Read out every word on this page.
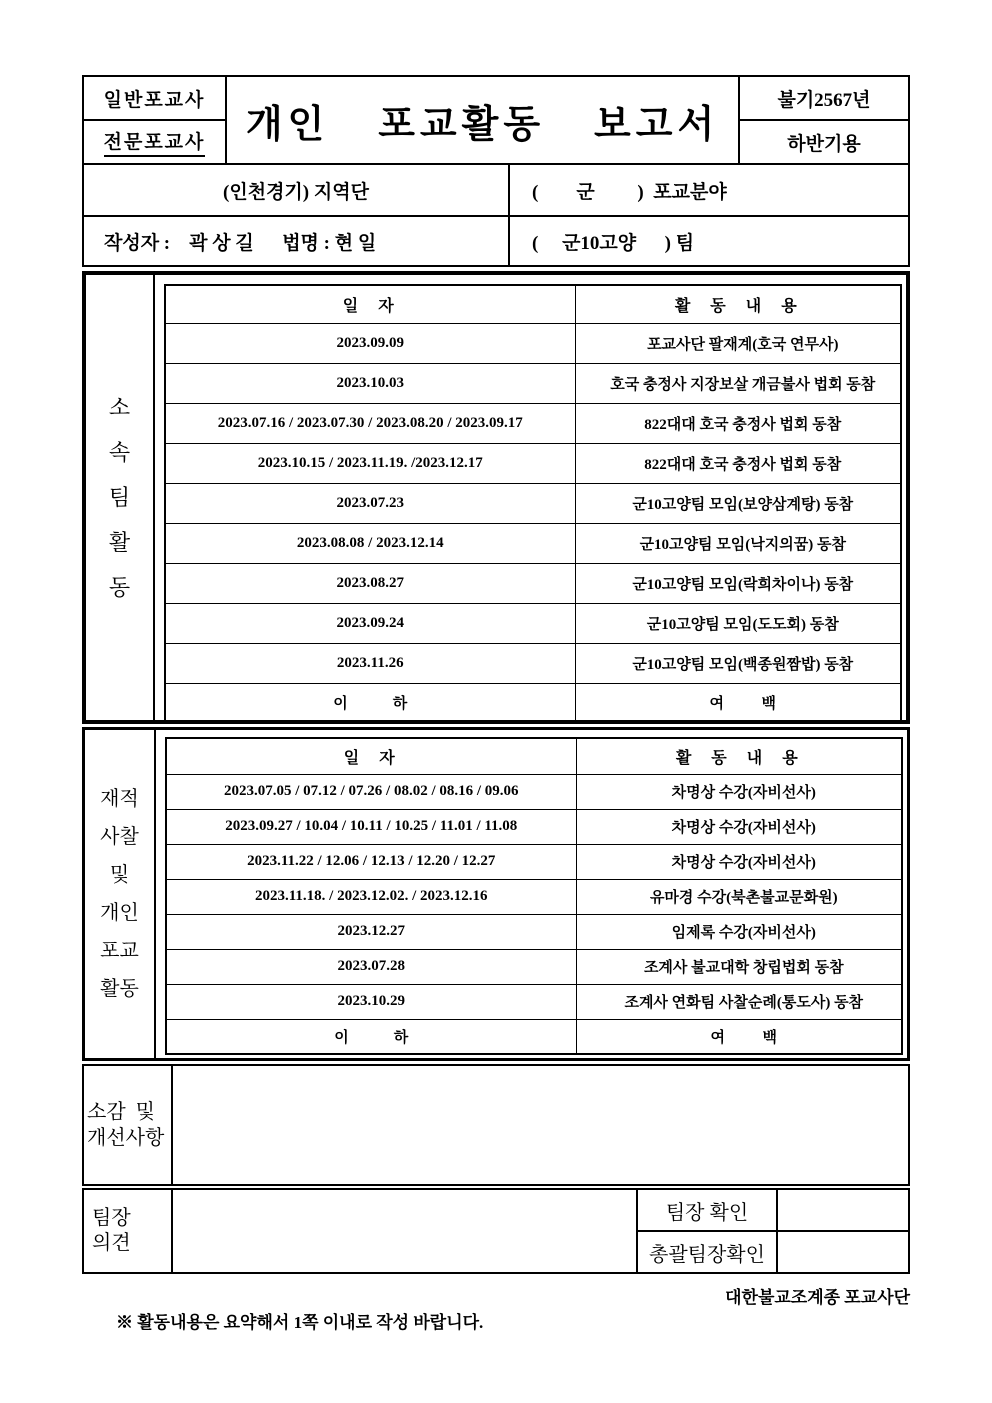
일반포교사
전문포교사	개인  포교활동  보고서
불기2567년
하반기용
(인천경기) 지역단	(        군         )  포교분야
작성자 :    곽 상 길      법명 : 현 일	(     군10고양      ) 팀
소
속
팀
활
동
일  자	활  동  내  용
2023.09.09	포교사단 팔재계(호국 연무사)
2023.10.03	호국 충정사 지장보살 개금불사 법회 동참
2023.07.16 / 2023.07.30 / 2023.08.20 / 2023.09.17	822대대 호국 충정사 법회 동참
2023.10.15 / 2023.11.19. /2023.12.17	822대대 호국 충정사 법회 동참
2023.07.23	군10고양팀 모임(보양삼계탕) 동참
2023.08.08 / 2023.12.14	군10고양팀 모임(낙지의꿈) 동참
2023.08.27	군10고양팀 모임(락희차이나) 동참
2023.09.24	군10고양팀 모임(도도회) 동참
2023.11.26	군10고양팀 모임(백종원짬밥) 동참
이            하	여          백
재적
사찰
및
개인
포교
활동
일  자	활  동  내  용
2023.07.05 / 07.12 / 07.26 / 08.02 / 08.16 / 09.06	차명상 수강(자비선사)
2023.09.27 / 10.04 / 10.11 / 10.25 / 11.01 / 11.08	차명상 수강(자비선사)
2023.11.22 / 12.06 / 12.13 / 12.20 / 12.27	차명상 수강(자비선사)
2023.11.18. / 2023.12.02. / 2023.12.16	유마경 수강(북촌불교문화원)
2023.12.27	임제록 수강(자비선사)
2023.07.28	조계사 불교대학 창립법회 동참
2023.10.29	조계사 연화팀 사찰순례(통도사) 동참
이            하	여          백
소감  및
개선사항
팀장
의견
팀장 확인
총괄팀장확인

※ 활동내용은 요약해서 1쪽 이내로 작성 바랍니다.

대한불교조계종 포교사단
